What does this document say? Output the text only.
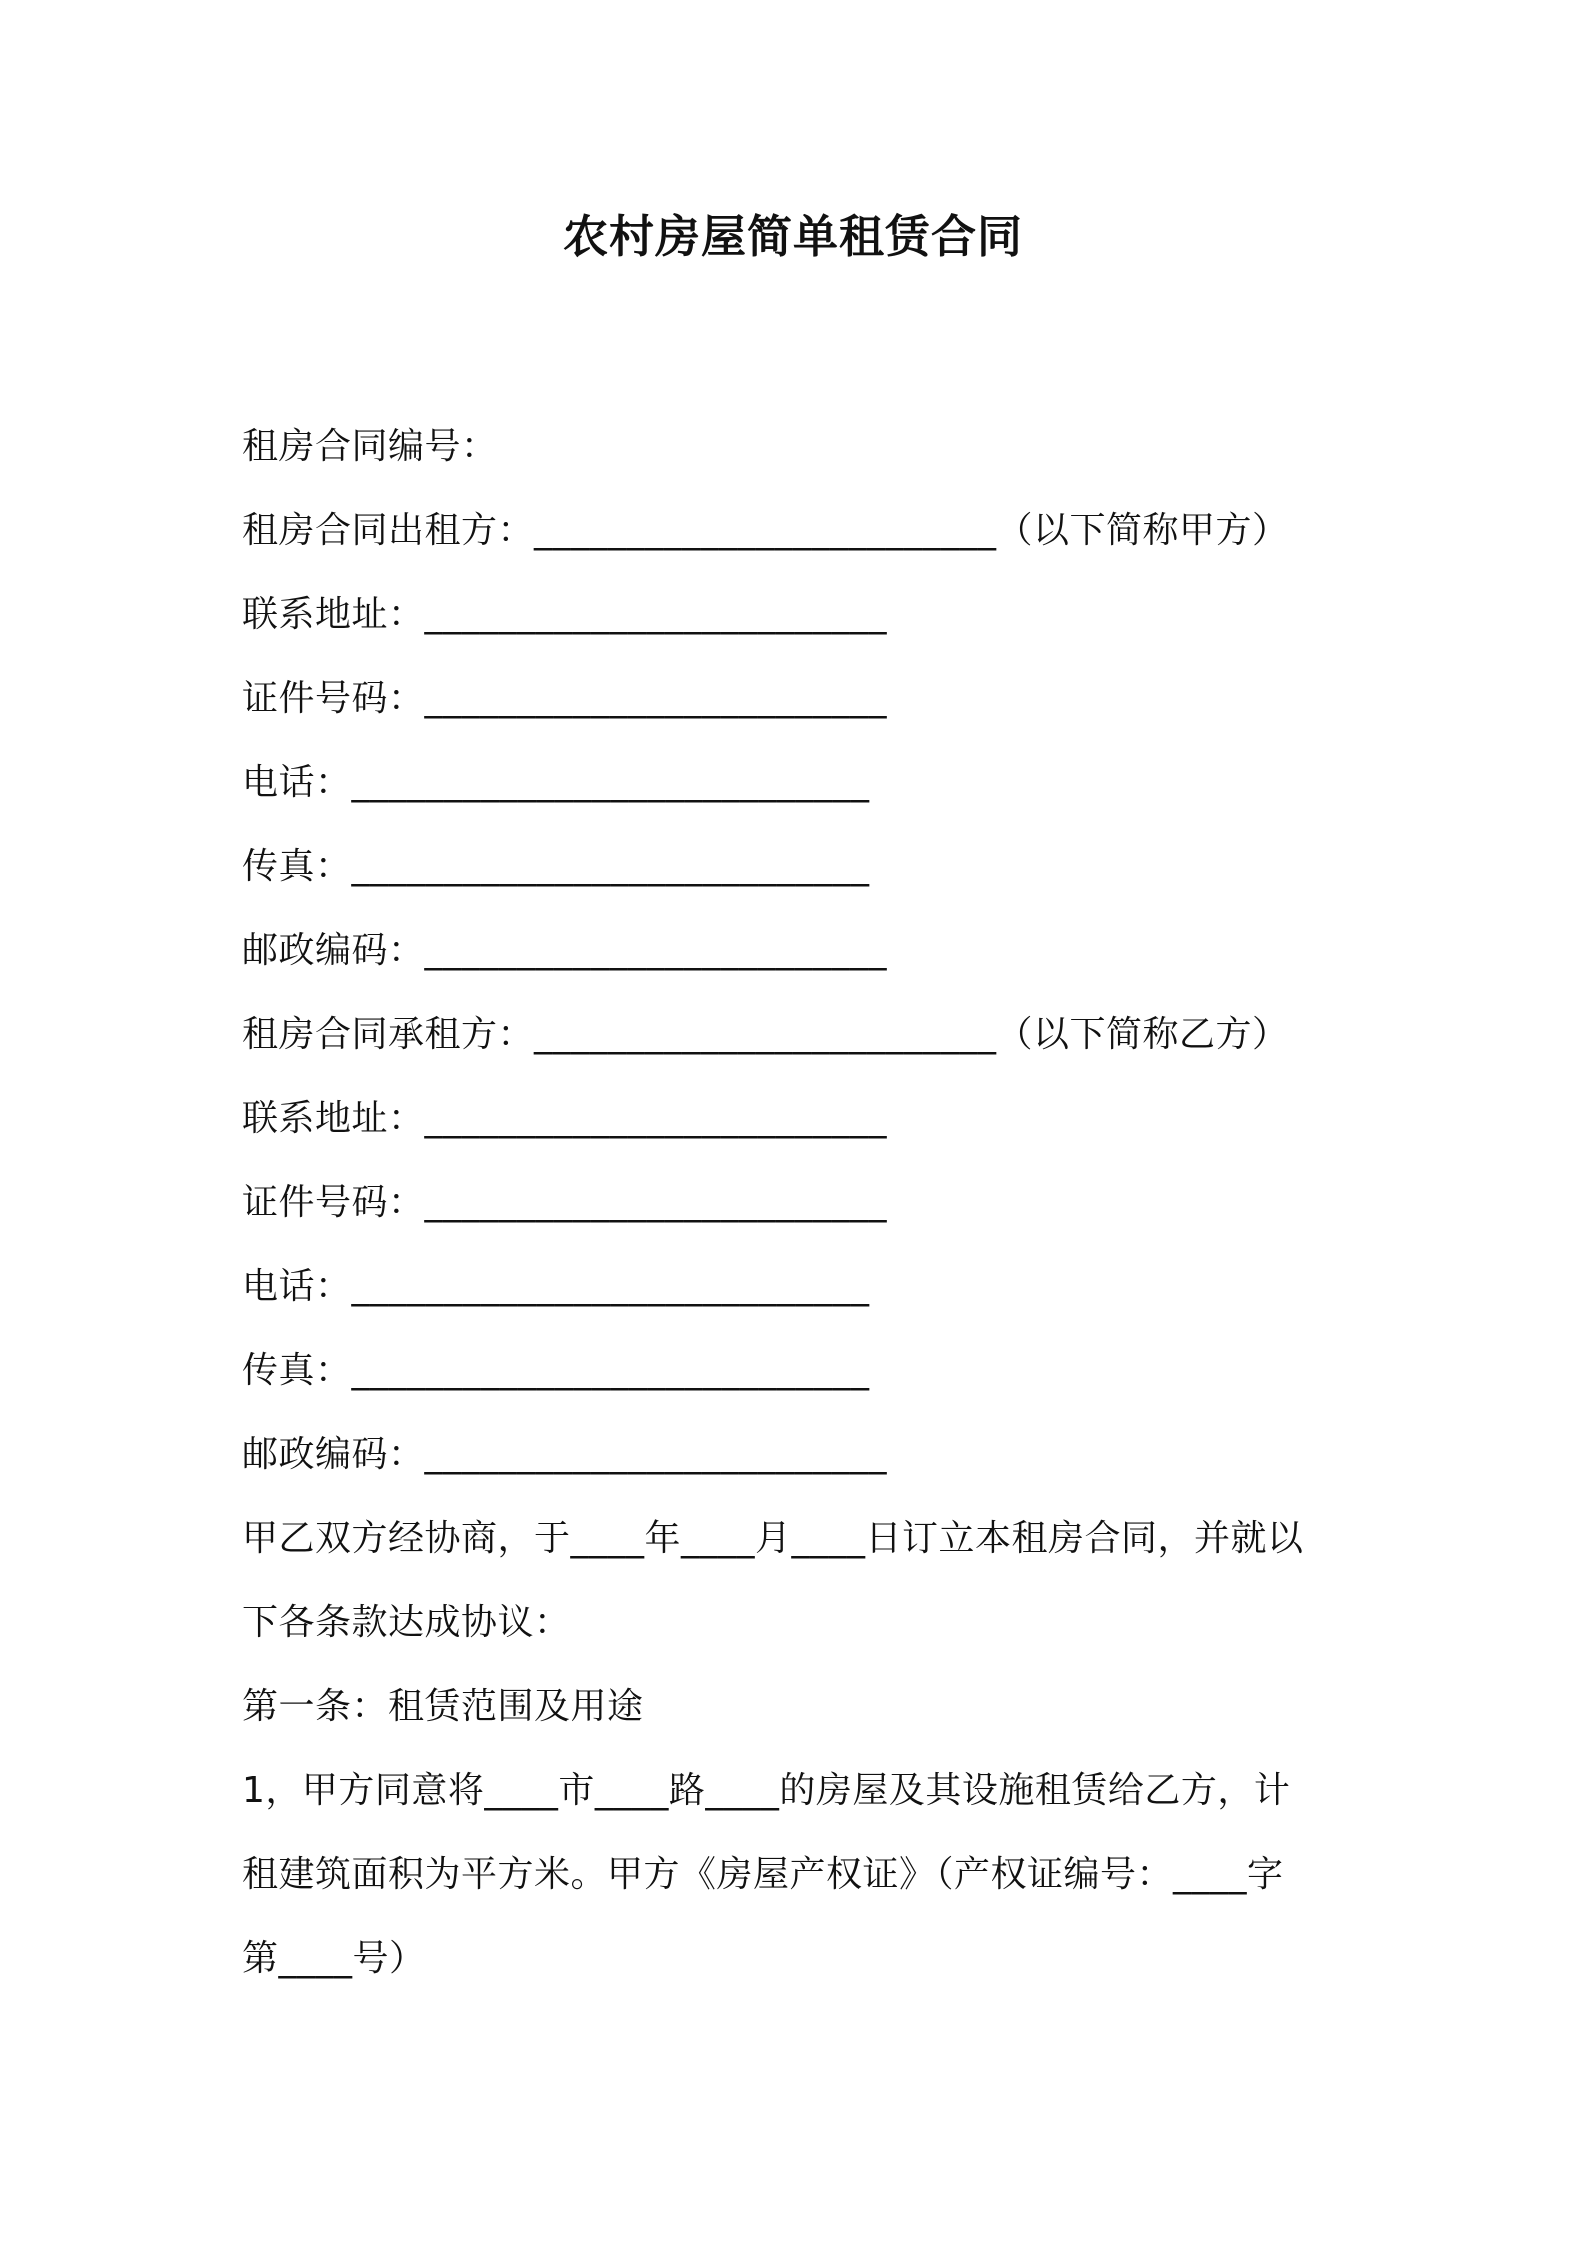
农村房屋简单租赁合同
租房合同编号：
租房合同出租方：_________________________（以下简称甲方）
联系地址：_________________________
证件号码：_________________________
电话：____________________________
传真：____________________________
邮政编码：_________________________
租房合同承租方：_________________________（以下简称乙方）
联系地址：_________________________
证件号码：_________________________
电话：____________________________
传真：____________________________
邮政编码：_________________________
甲乙双方经协商，于____年____月____日订立本租房合同，并就以
下各条款达成协议：
第一条：租赁范围及用途
1，甲方同意将____市____路____的房屋及其设施租赁给乙方，计
租建筑面积为平方米。甲方《房屋产权证》（产权证编号：____字
第____号）
